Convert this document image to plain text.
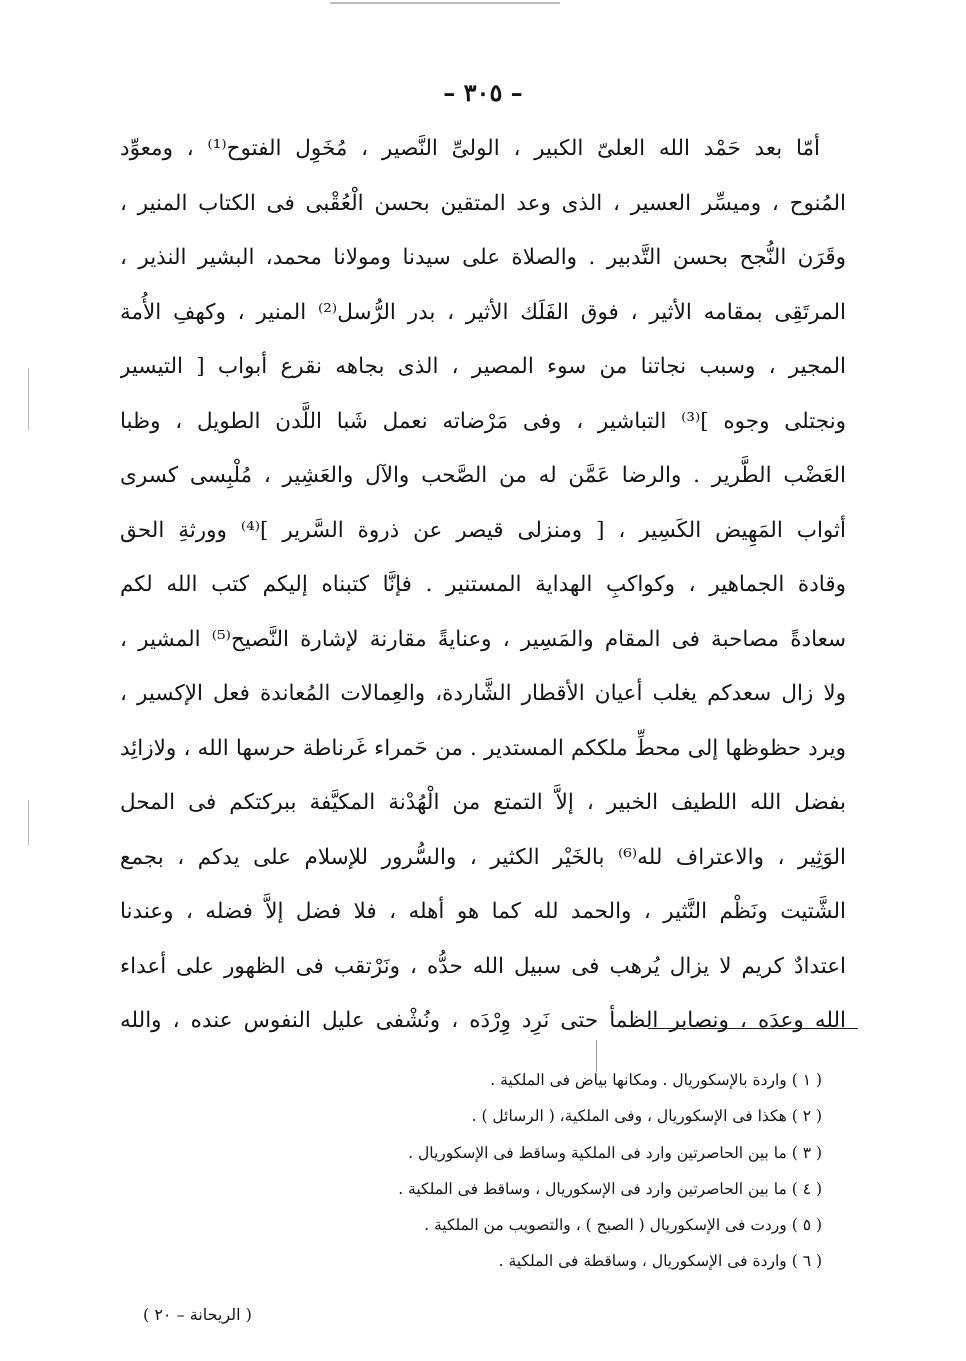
– ٣٠٥ –
أمّا بعد حَمْد الله العلىّ الكبير ، الولىِّ النَّصير ، مُخَوِل الفتوح⁽¹⁾ ، ومعوِّد
المُنوح ، وميسِّر العسير ، الذى وعد المتقين بحسن الْعُقْبى فى الكتاب المنير ،
وقَرَن النُّجح بحسن التَّدبير . والصلاة على سيدنا ومولانا محمد، البشير النذير ،
المرتَقِى بمقامه الأثير ، فوق الفَلَك الأثير ، بدر الرُّسل⁽²⁾ المنير ، وكهفِ الأُمة
المجير ، وسبب نجاتنا من سوء المصير ، الذى بجاهه نقرع أبواب [ التيسير
ونجتلى وجوه ]⁽³⁾ التباشير ، وفى مَرْضاته نعمل شَبا اللَّدن الطويل ، وظبا
العَضْب الطَّرير . والرضا عَمَّن له من الصَّحب والآل والعَشِير ، مُلْبِسى كسرى
أثواب المَهِيض الكَسِير ، [ ومنزلى قيصر عن ذروة السَّرير ]⁽⁴⁾ وورثةِ الحق
وقادة الجماهير ، وكواكبِ الهداية المستنير . فإنَّا كتبناه إليكم كتب الله لكم
سعادةً مصاحبة فى المقام والمَسِير ، وعنايةً مقارنة لإشارة النَّصيح⁽⁵⁾ المشير ،
ولا زال سعدكم يغلب أعيان الأقطار الشَّاردة، والعِمالات المُعاندة فعل الإكسير ،
ويرد حظوظها إلى محطِّ ملككم المستدير . من حَمراء غَرناطة حرسها الله ، ولازائِد
بفضل الله اللطيف الخبير ، إلاَّ التمتع من الْهُدْنة المكيَّفة ببركتكم فى المحل
الوَثِير ، والاعتراف لله⁽⁶⁾ بالخَيْر الكثير ، والسُّرور للإسلام على يدكم ، بجمع
الشَّتيت ونَظْم النَّثير ، والحمد لله كما هو أهله ، فلا فضل إلاَّ فضله ، وعندنا
اعتدادٌ كريم لا يزال يُرهب فى سبيل الله حدُّه ، ونَرْتقب فى الظهور على أعداء
الله وعدَه ، ونصابر الظمأ حتى نَرِد وِرْدَه ، ونُشْفى عليل النفوس عنده ، والله
( ١ ) واردة بالإسكوريال . ومكانها بياض فى الملكية .
( ٢ ) هكذا فى الإسكوريال ، وفى الملكية، ( الرسائل ) .
( ٣ ) ما بين الحاصرتين وارد فى الملكية وساقط فى الإسكوريال .
( ٤ ) ما بين الحاصرتين وارد فى الإسكوريال ، وساقط فى الملكية .
( ٥ ) وردت فى الإسكوريال ( الصبح ) ، والتصويب من الملكية .
( ٦ ) واردة فى الإسكوريال ، وساقطة فى الملكية .
( الريحانة – ٢٠ )
